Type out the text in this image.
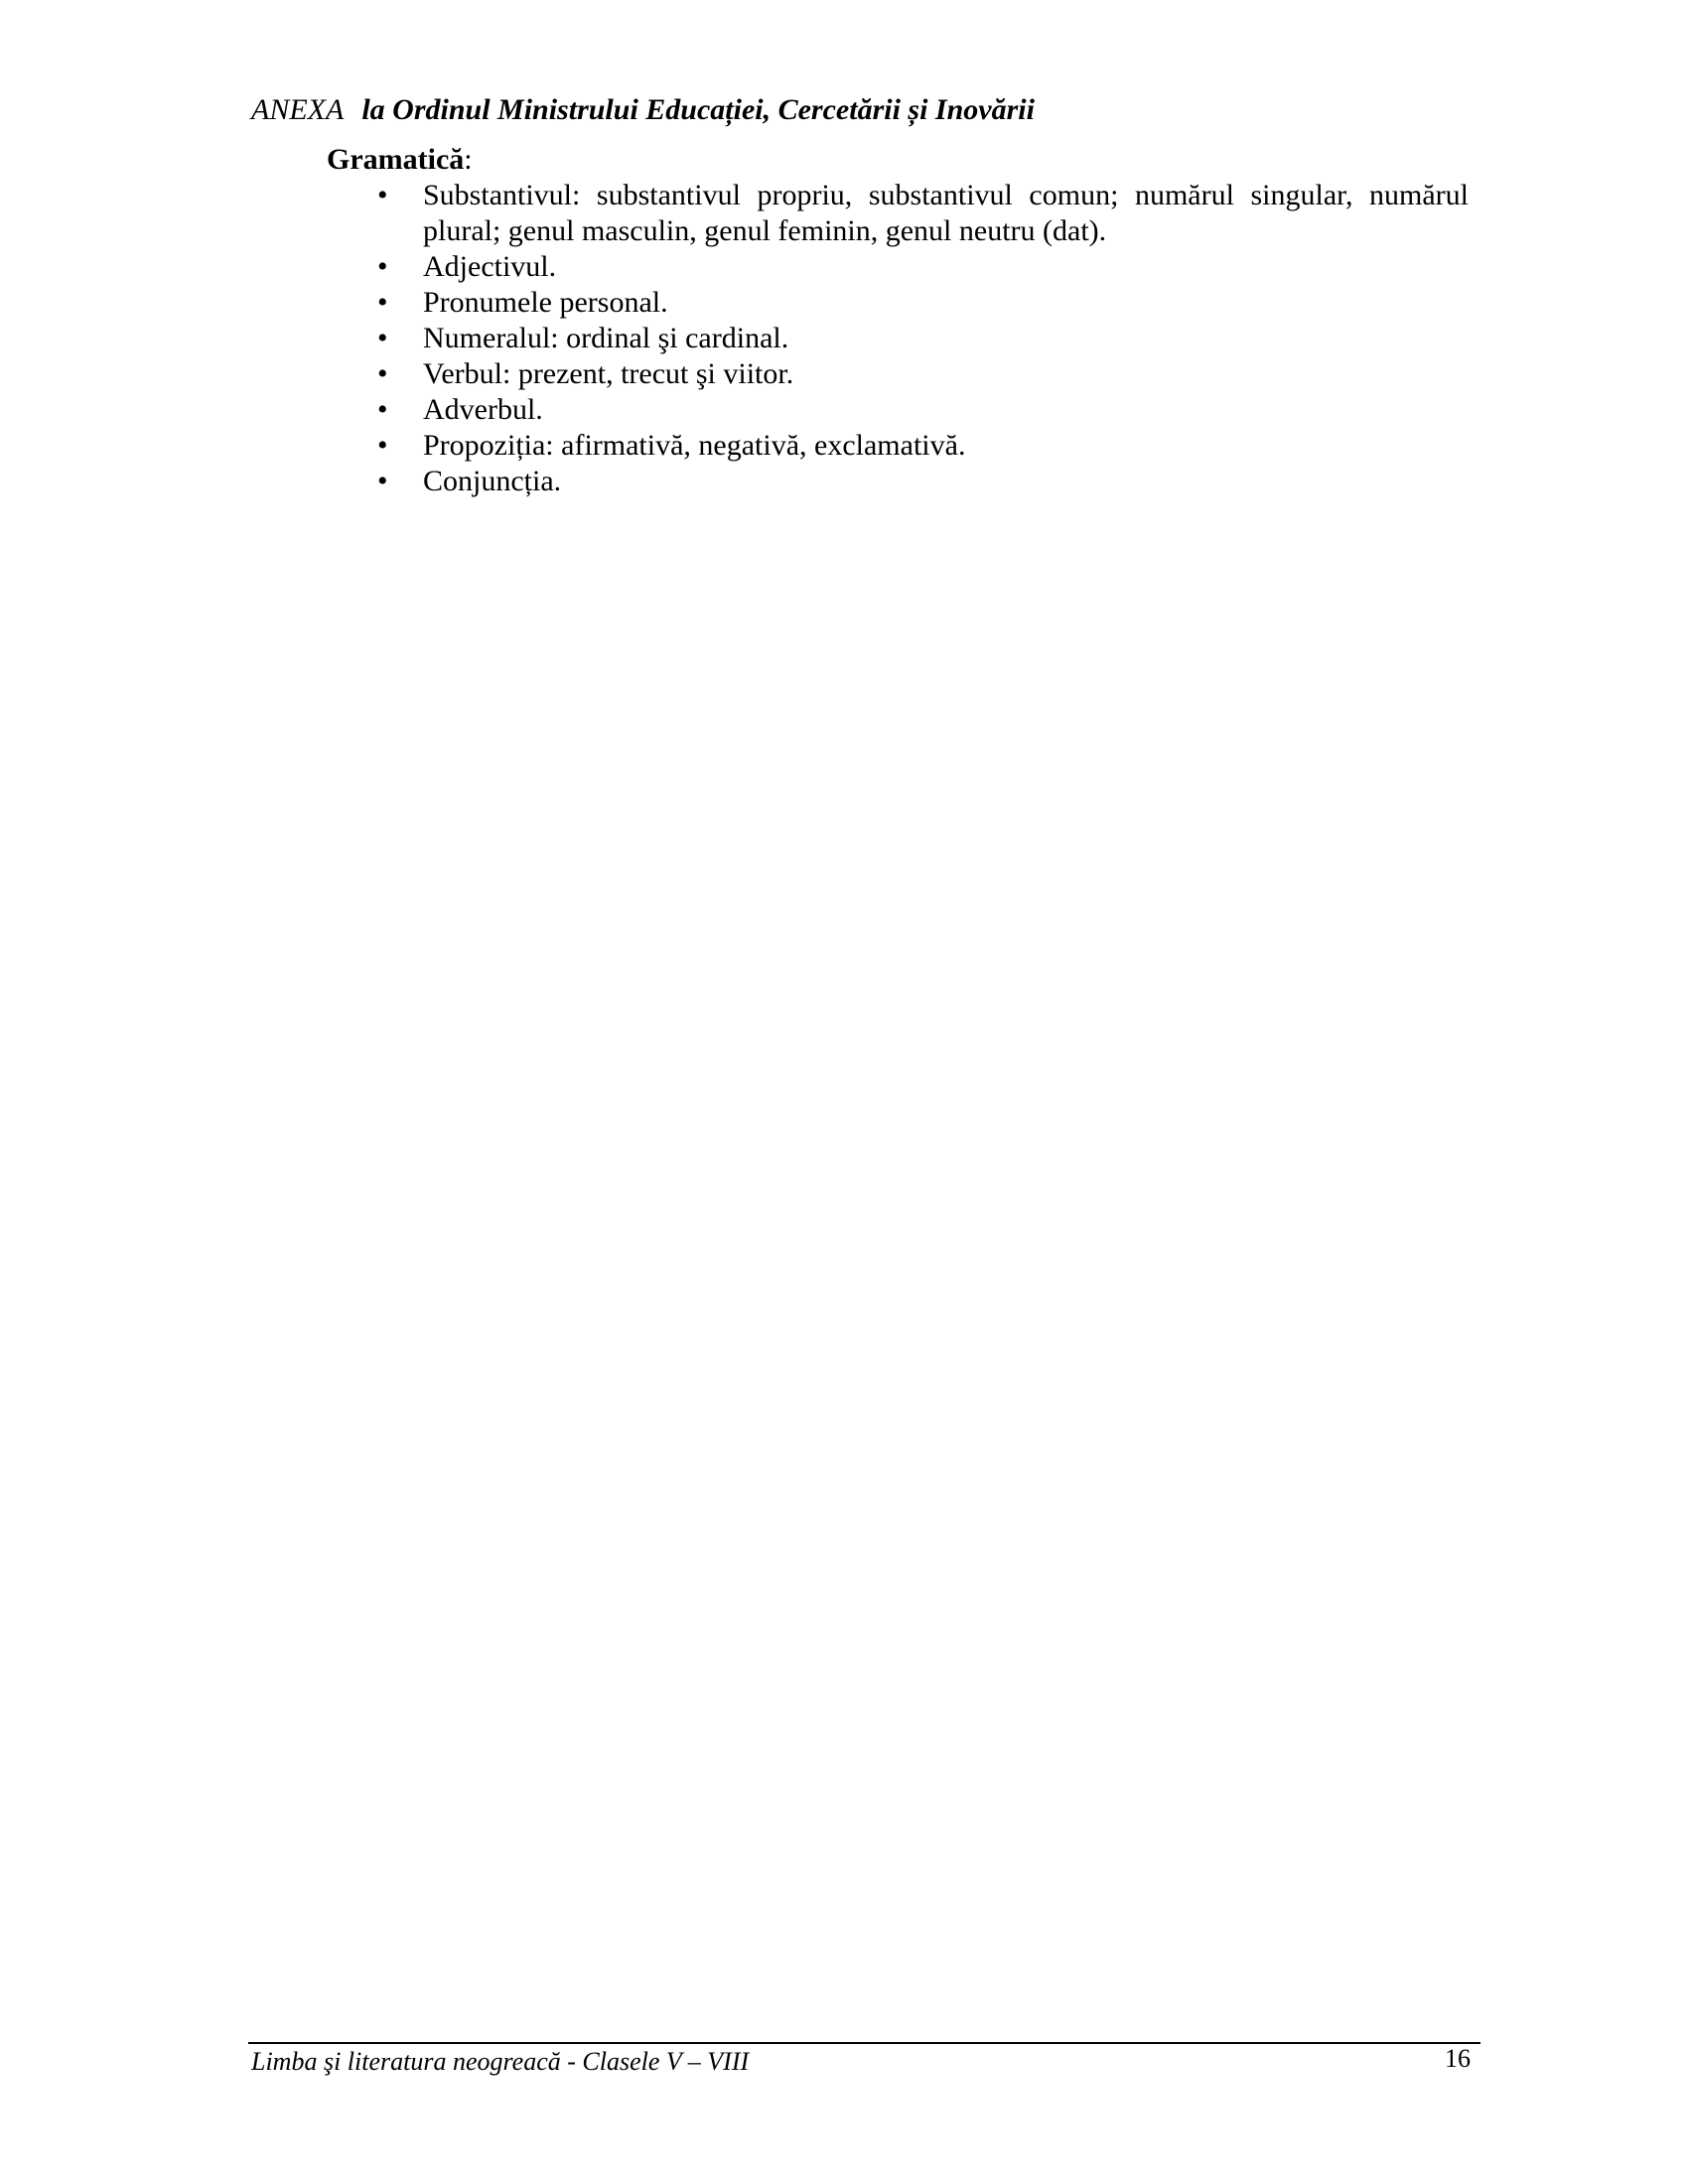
ANEXA la Ordinul Ministrului Educației, Cercetării și Inovării

Gramatică:

• Substantivul: substantivul propriu, substantivul comun; numărul singular, numărul plural; genul masculin, genul feminin, genul neutru (dat).
• Adjectivul.
• Pronumele personal.
• Numeralul: ordinal şi cardinal.
• Verbul: prezent, trecut şi viitor.
• Adverbul.
• Propoziția: afirmativă, negativă, exclamativă.
• Conjuncția.
Limba şi literatura neogreacă - Clasele V – VIII	16
